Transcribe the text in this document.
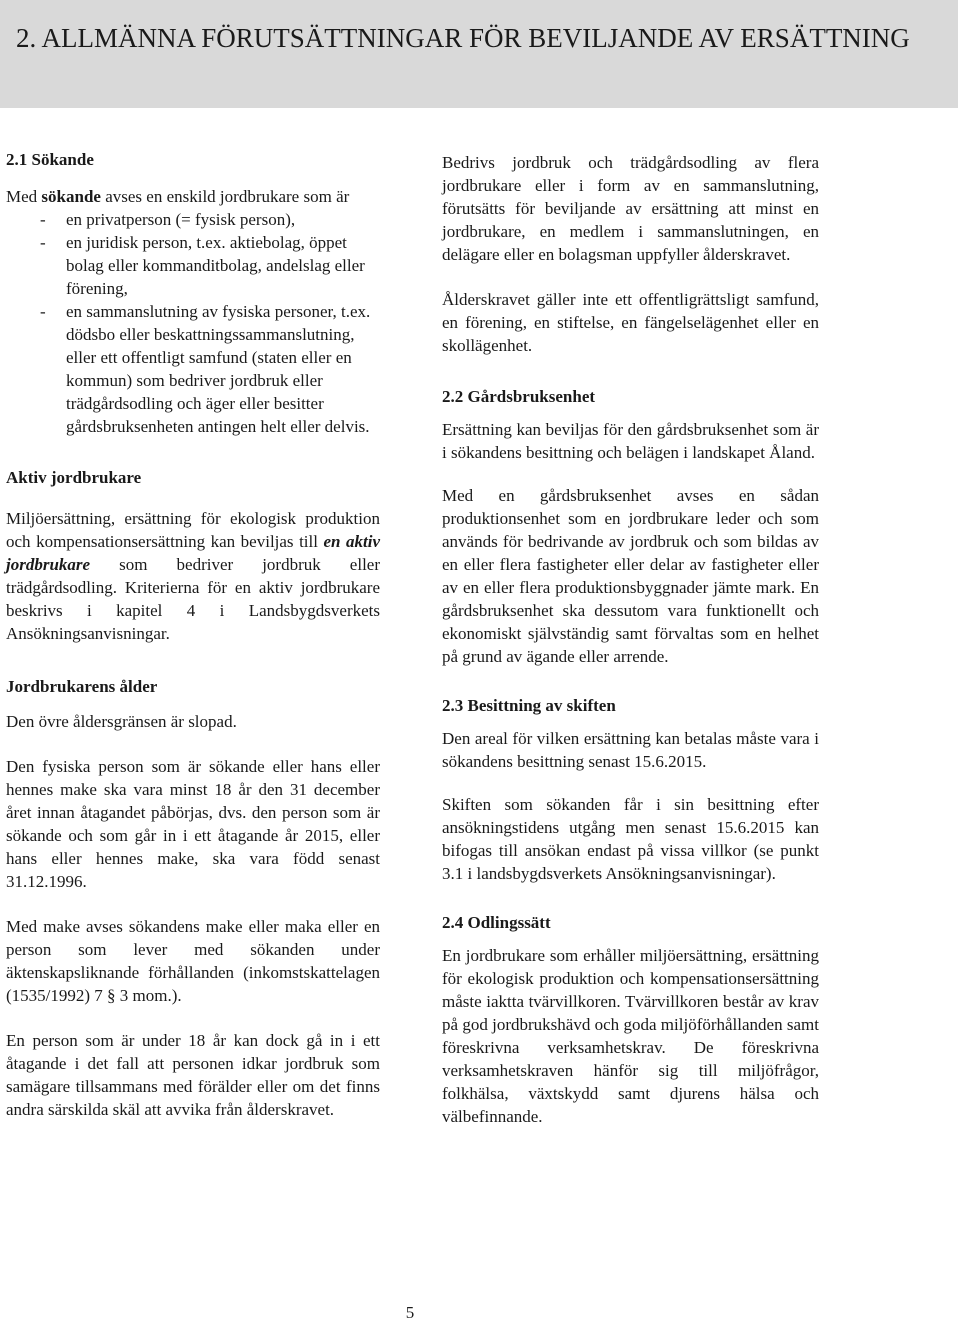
2. ALLMÄNNA FÖRUTSÄTTNINGAR FÖR BEVILJANDE AV ERSÄTTNING
2.1 Sökande

Med sökande avses en enskild jordbrukare som är

- en privatperson (= fysisk person),
- en juridisk person, t.ex. aktiebolag, öppet bolag eller kommanditbolag, andelslag eller förening,
- en sammanslutning av fysiska personer, t.ex. dödsbo eller beskattningssammanslutning, eller ett offentligt samfund (staten eller en kommun) som bedriver jordbruk eller trädgårdsodling och äger eller besitter gårdsbruksenheten antingen helt eller delvis.
Aktiv jordbrukare

Miljöersättning, ersättning för ekologisk produktion och kompensationsersättning kan beviljas till en aktiv jordbrukare som bedriver jordbruk eller trädgårdsodling. Kriterierna för en aktiv jordbrukare beskrivs i kapitel 4 i Landsbygdsverkets Ansökningsanvisningar.

Jordbrukarens ålder

Den övre åldersgränsen är slopad.

Den fysiska person som är sökande eller hans eller hennes make ska vara minst 18 år den 31 december året innan åtagandet påbörjas, dvs. den person som är sökande och som går in i ett åtagande år 2015, eller hans eller hennes make, ska vara född senast 31.12.1996.

Med make avses sökandens make eller maka eller en person som lever med sökanden under äktenskapsliknande förhållanden (inkomstskattelagen (1535/1992) 7 § 3 mom.).

En person som är under 18 år kan dock gå in i ett åtagande i det fall att personen idkar jordbruk som samägare tillsammans med förälder eller om det finns andra särskilda skäl att avvika från ålderskravet.

Bedrivs jordbruk och trädgårdsodling av flera jordbrukare eller i form av en sammanslutning, förutsätts för beviljande av ersättning att minst en jordbrukare, en medlem i sammanslutningen, en delägare eller en bolagsman uppfyller ålderskravet.

Ålderskravet gäller inte ett offentligrättsligt samfund, en förening, en stiftelse, en fängelselägenhet eller en skollägenhet.

2.2 Gårdsbruksenhet

Ersättning kan beviljas för den gårdsbruksenhet som är i sökandens besittning och belägen i landskapet Åland.

Med en gårdsbruksenhet avses en sådan produktionsenhet som en jordbrukare leder och som används för bedrivande av jordbruk och som bildas av en eller flera fastigheter eller delar av fastigheter eller av en eller flera produktionsbyggnader jämte mark. En gårdsbruksenhet ska dessutom vara funktionellt och ekonomiskt självständig samt förvaltas som en helhet på grund av ägande eller arrende.

2.3 Besittning av skiften

Den areal för vilken ersättning kan betalas måste vara i sökandens besittning senast 15.6.2015.

Skiften som sökanden får i sin besittning efter ansökningstidens utgång men senast 15.6.2015 kan bifogas till ansökan endast på vissa villkor (se punkt 3.1 i landsbygdsverkets Ansökningsanvisningar).

2.4 Odlingssätt

En jordbrukare som erhåller miljöersättning, ersättning för ekologisk produktion och kompensationsersättning måste iaktta tvärvillkoren. Tvärvillkoren består av krav på god jordbrukshävd och goda miljöförhållanden samt föreskrivna verksamhetskrav. De föreskrivna verksamhetskraven hänför sig till miljöfrågor, folkhälsa, växtskydd samt djurens hälsa och välbefinnande.

5
